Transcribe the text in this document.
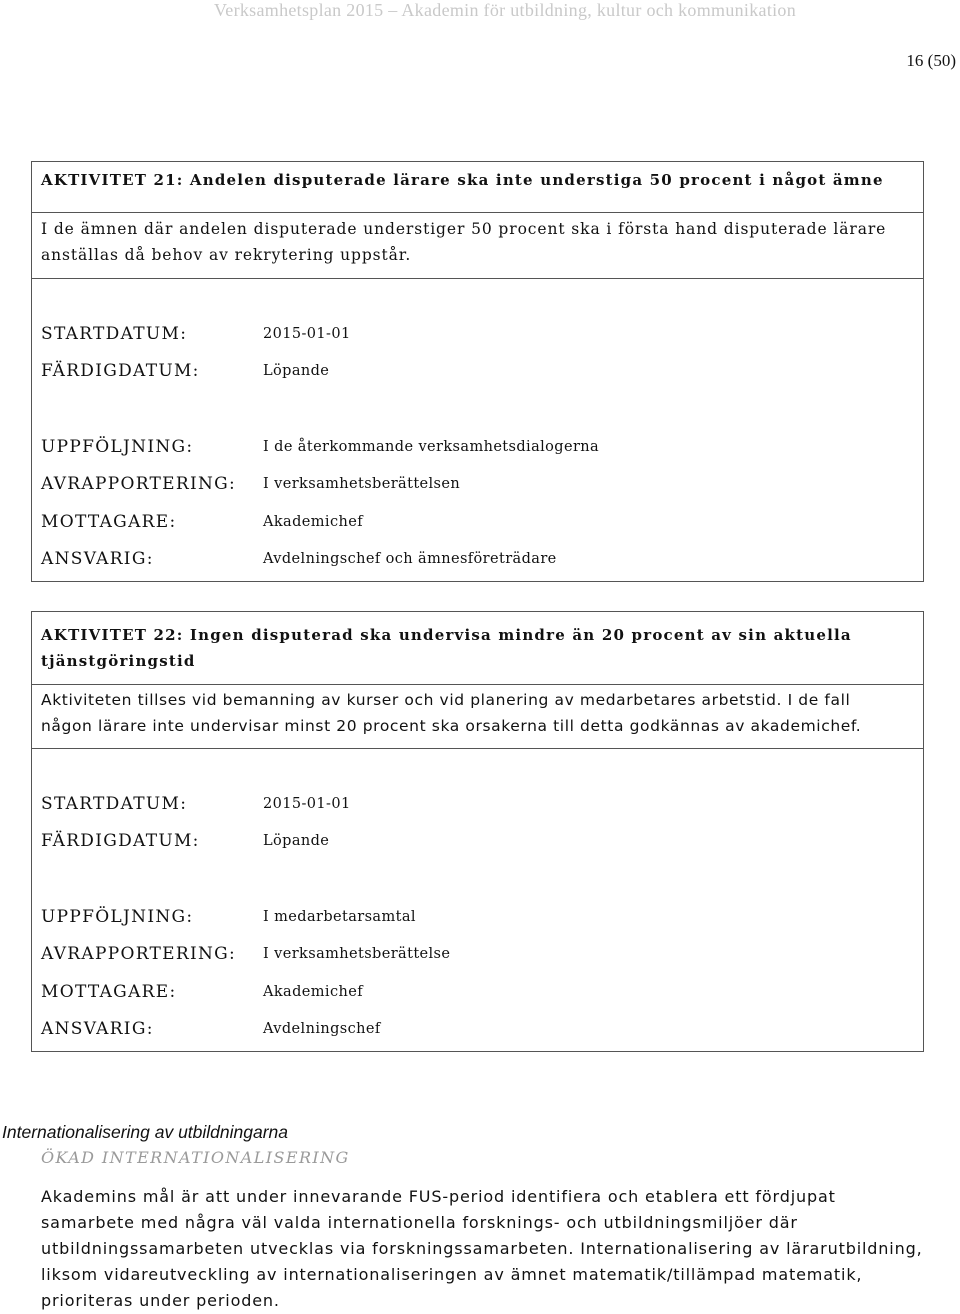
Verksamhetsplan 2015 – Akademin för utbildning, kultur och kommunikation
16 (50)
AKTIVITET 21: Andelen disputerade lärare ska inte understiga 50 procent i något ämne
I de ämnen där andelen disputerade understiger 50 procent ska i första hand disputerade lärare
anställas då behov av rekrytering uppstår.
STARTDATUM:	2015-01-01
FÄRDIGDATUM:	Löpande
UPPFÖLJNING:	I de återkommande verksamhetsdialogerna
AVRAPPORTERING: I verksamhetsberättelsen
MOTTAGARE:	Akademichef
ANSVARIG:	Avdelningschef och ämnesföreträdare
AKTIVITET 22: Ingen disputerad ska undervisa mindre än 20 procent av sin aktuella
tjänstgöringstid
Aktiviteten tillses vid bemanning av kurser och vid planering av medarbetares arbetstid. I de fall
någon lärare inte undervisar minst 20 procent ska orsakerna till detta godkännas av akademichef.
STARTDATUM:	2015-01-01
FÄRDIGDATUM:	Löpande
UPPFÖLJNING:	I medarbetarsamtal
AVRAPPORTERING: I verksamhetsberättelse
MOTTAGARE:	Akademichef
ANSVARIG:	Avdelningschef
Internationalisering av utbildningarna
ÖKAD INTERNATIONALISERING
Akademins mål är att under innevarande FUS-period identifiera och etablera ett fördjupat
samarbete med några väl valda internationella forsknings- och utbildningsmiljöer där
utbildningssamarbeten utvecklas via forskningssamarbeten. Internationalisering av lärarutbildning,
liksom vidareutveckling av internationaliseringen av ämnet matematik/tillämpad matematik,
prioriteras under perioden.
